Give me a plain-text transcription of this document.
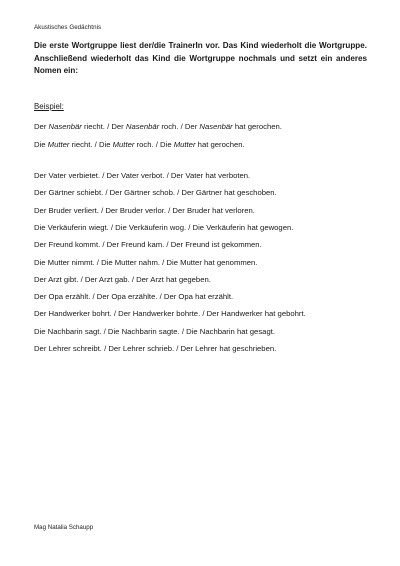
Akustisches Gedächtnis
Die erste Wortgruppe liest der/die TrainerIn vor. Das Kind wiederholt die Wortgruppe. Anschließend wiederholt das Kind die Wortgruppe nochmals und setzt ein anderes Nomen ein:
Beispiel:
Der Nasenbär riecht. / Der Nasenbär roch. / Der Nasenbär hat gerochen.
Die Mutter riecht. / Die Mutter roch. / Die Mutter hat gerochen.
Der Vater verbietet. / Der Vater verbot. / Der Vater hat verboten.
Der Gärtner schiebt. / Der Gärtner schob. / Der Gärtner hat geschoben.
Der Bruder verliert. / Der Bruder verlor. / Der Bruder hat verloren.
Die Verkäuferin wiegt. / Die Verkäuferin wog. / Die Verkäuferin hat gewogen.
Der Freund kommt. / Der Freund kam. / Der Freund ist gekommen.
Die Mutter nimmt. / Die Mutter nahm. / Die Mutter hat genommen.
Der Arzt gibt. / Der Arzt gab. / Der Arzt hat gegeben.
Der Opa erzählt. / Der Opa erzählte. / Der Opa hat erzählt.
Der Handwerker bohrt. / Der Handwerker bohrte. / Der Handwerker hat gebohrt.
Die Nachbarin sagt. / Die Nachbarin sagte. / Die Nachbarin hat gesagt.
Der Lehrer schreibt. / Der Lehrer schrieb. / Der Lehrer hat geschrieben.
Mag Natalia Schaupp
